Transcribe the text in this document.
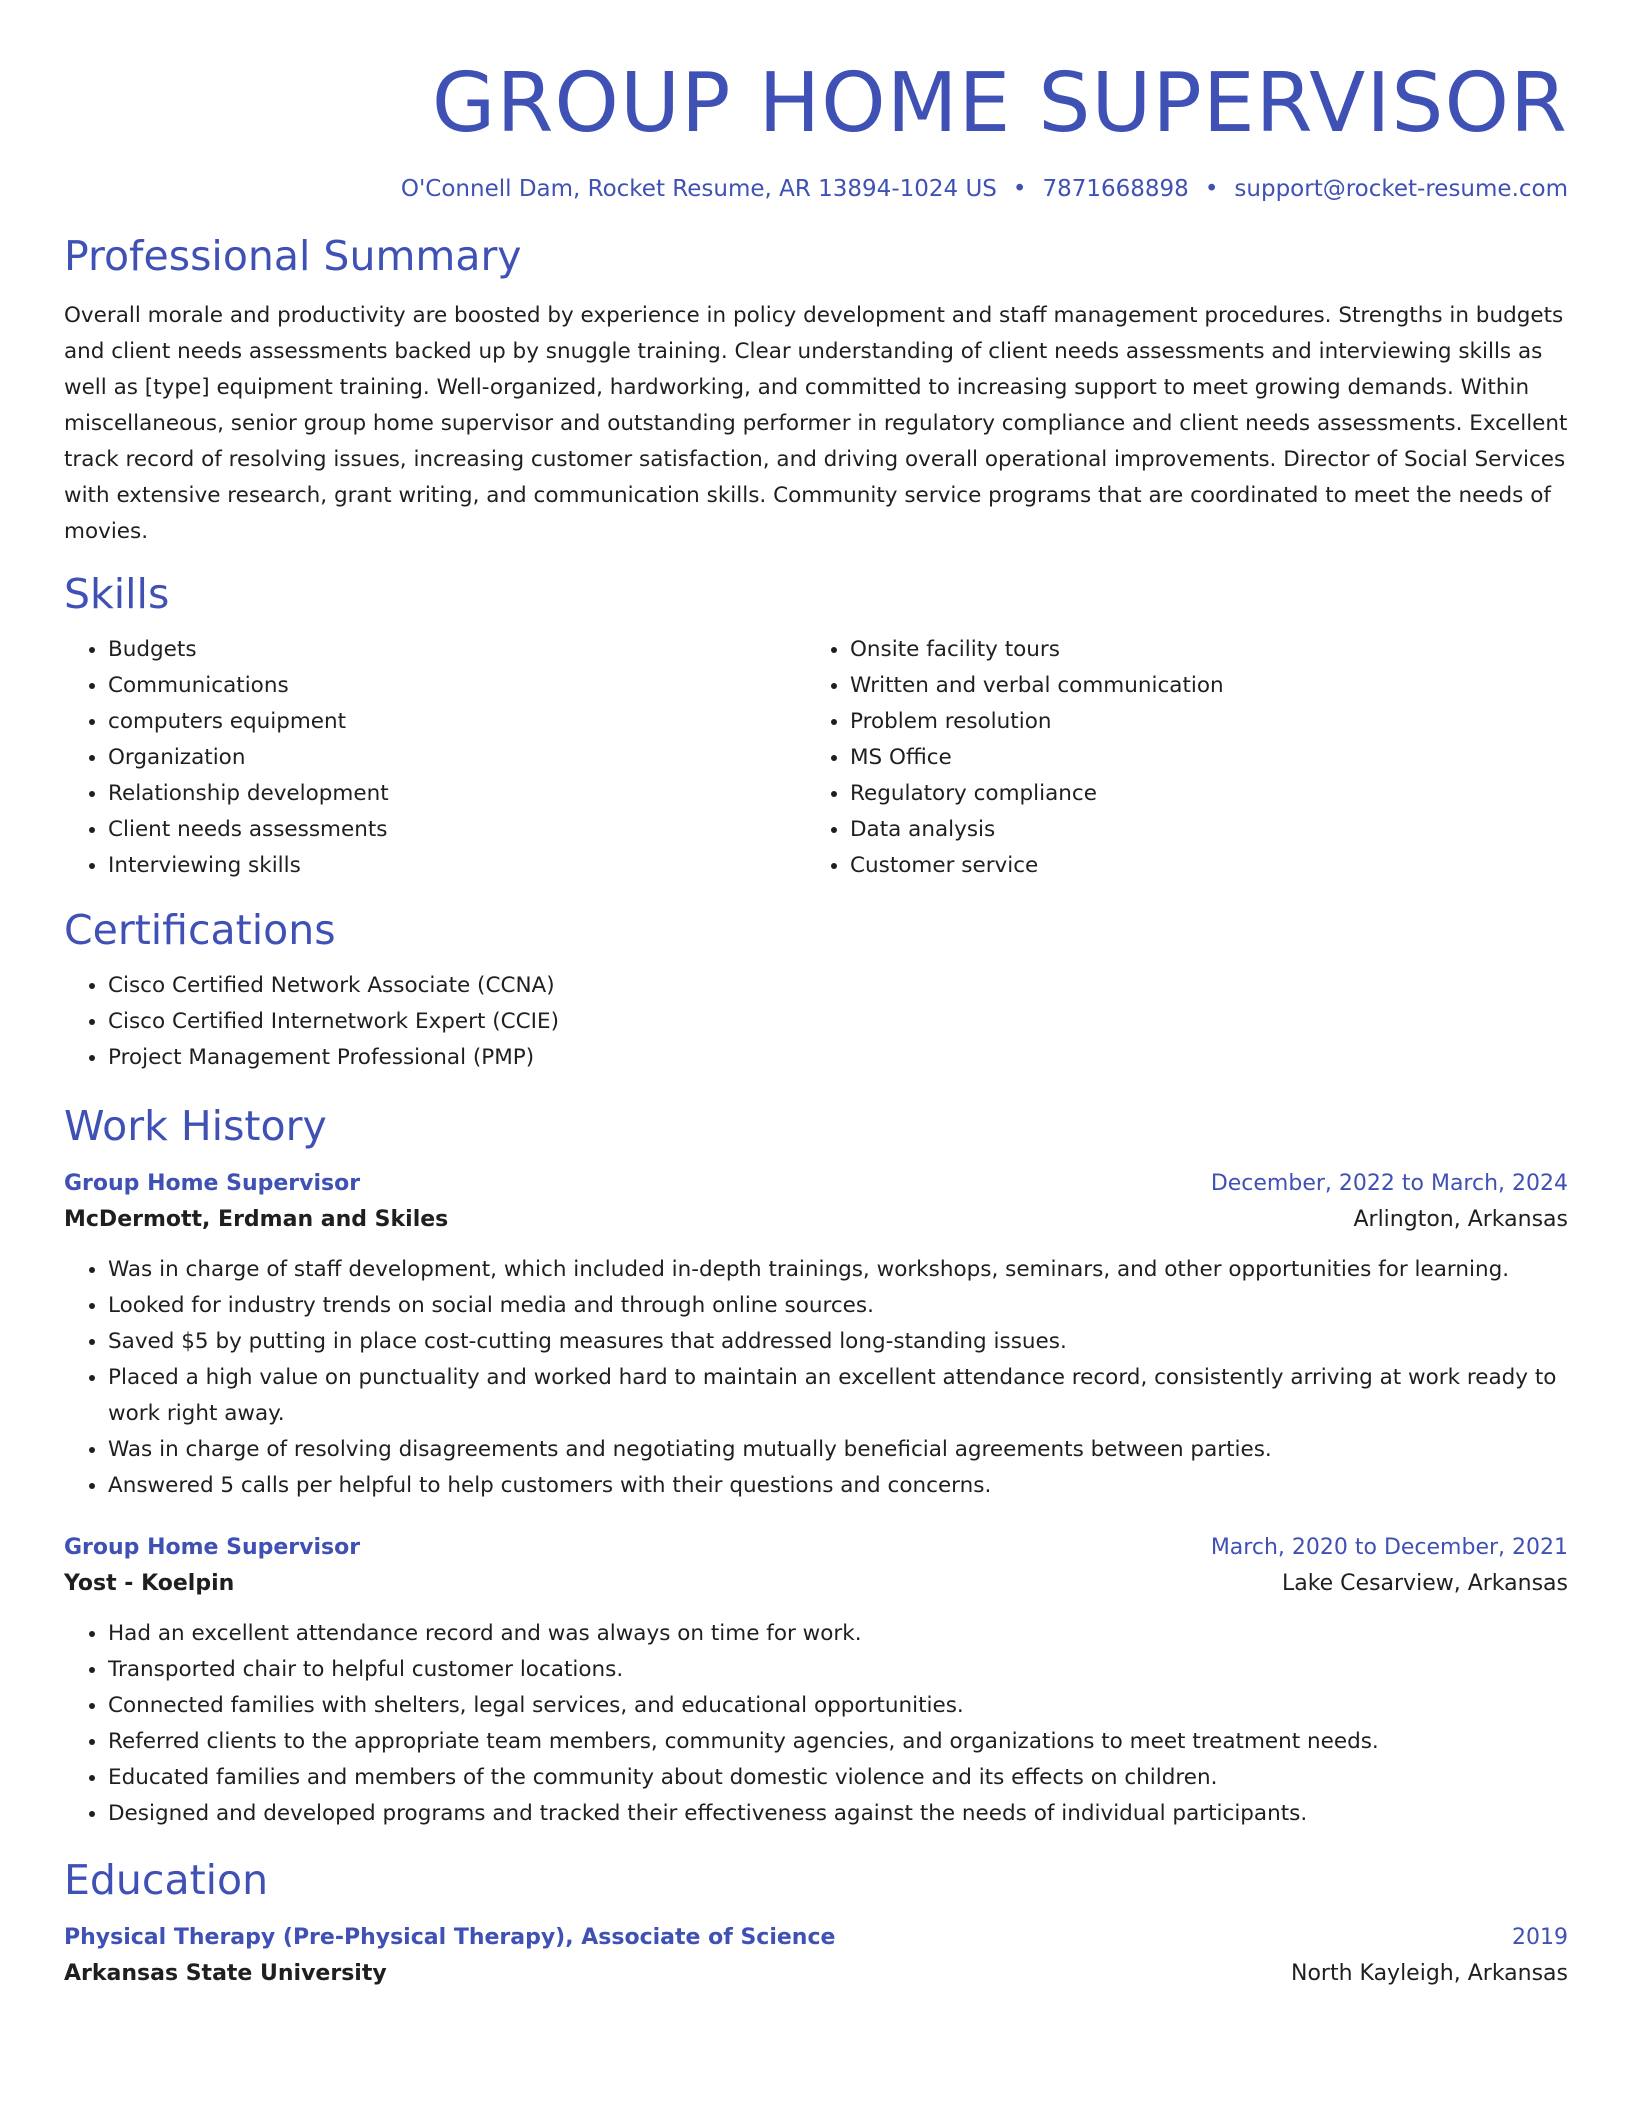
GROUP HOME SUPERVISOR
O'Connell Dam, Rocket Resume, AR 13894-1024 US • 7871668898 • support@rocket-resume.com
Professional Summary

Overall morale and productivity are boosted by experience in policy development and staff management procedures. Strengths in budgets and client needs assessments backed up by snuggle training. Clear understanding of client needs assessments and interviewing skills as well as [type] equipment training. Well-organized, hardworking, and committed to increasing support to meet growing demands. Within miscellaneous, senior group home supervisor and outstanding performer in regulatory compliance and client needs assessments. Excellent track record of resolving issues, increasing customer satisfaction, and driving overall operational improvements. Director of Social Services with extensive research, grant writing, and communication skills. Community service programs that are coordinated to meet the needs of movies.

Skills
• Budgets
• Communications
• computers equipment
• Organization
• Relationship development
• Client needs assessments
• Interviewing skills
• Onsite facility tours
• Written and verbal communication
• Problem resolution
• MS Office
• Regulatory compliance
• Data analysis
• Customer service
Certifications
• Cisco Certified Network Associate (CCNA)
• Cisco Certified Internetwork Expert (CCIE)
• Project Management Professional (PMP)
Work History
Group Home Supervisor	December, 2022 to March, 2024
McDermott, Erdman and Skiles	Arlington, Arkansas
• Was in charge of staff development, which included in-depth trainings, workshops, seminars, and other opportunities for learning.
• Looked for industry trends on social media and through online sources.
• Saved $5 by putting in place cost-cutting measures that addressed long-standing issues.
• Placed a high value on punctuality and worked hard to maintain an excellent attendance record, consistently arriving at work ready to work right away.
• Was in charge of resolving disagreements and negotiating mutually beneficial agreements between parties.
• Answered 5 calls per helpful to help customers with their questions and concerns.
Group Home Supervisor	March, 2020 to December, 2021
Yost - Koelpin	Lake Cesarview, Arkansas
• Had an excellent attendance record and was always on time for work.
• Transported chair to helpful customer locations.
• Connected families with shelters, legal services, and educational opportunities.
• Referred clients to the appropriate team members, community agencies, and organizations to meet treatment needs.
• Educated families and members of the community about domestic violence and its effects on children.
• Designed and developed programs and tracked their effectiveness against the needs of individual participants.
Education
Physical Therapy (Pre-Physical Therapy), Associate of Science	2019
Arkansas State University	North Kayleigh, Arkansas
